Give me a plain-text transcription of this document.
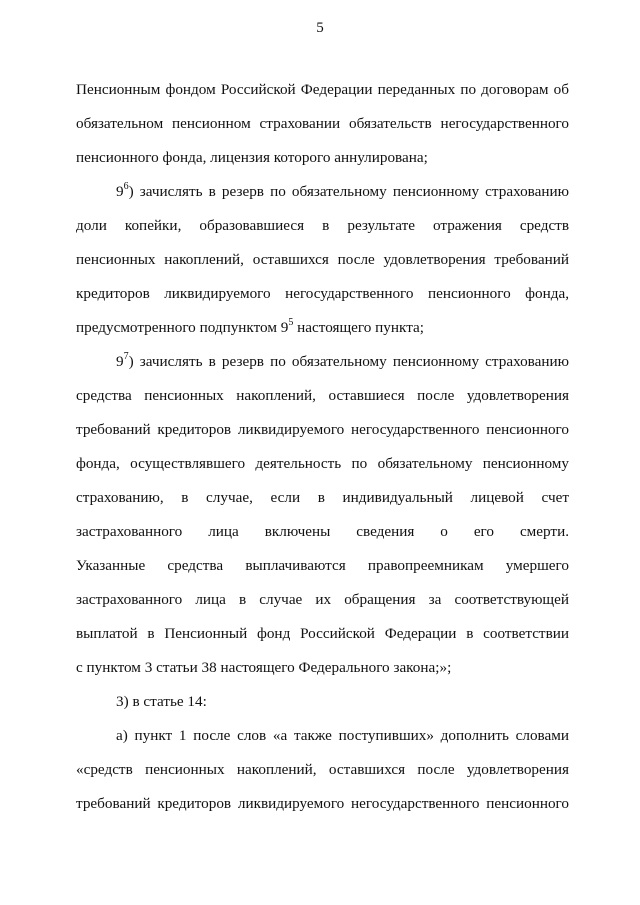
5
Пенсионным фондом Российской Федерации переданных по договорам об
обязательном пенсионном страховании обязательств негосударственного
пенсионного фонда, лицензия которого аннулирована;
$9^6$) зачислять в резерв по обязательному пенсионному страхованию
доли копейки, образовавшиеся в результате отражения средств
пенсионных накоплений, оставшихся после удовлетворения требований
кредиторов ликвидируемого негосударственного пенсионного фонда,
предусмотренного подпунктом $9^5$ настоящего пункта;
$9^7$) зачислять в резерв по обязательному пенсионному страхованию
средства пенсионных накоплений, оставшиеся после удовлетворения
требований кредиторов ликвидируемого негосударственного пенсионного
фонда, осуществлявшего деятельность по обязательному пенсионному
страхованию, в случае, если в индивидуальный лицевой счет
застрахованного лица включены сведения о его смерти.
Указанные средства выплачиваются правопреемникам умершего
застрахованного лица в случае их обращения за соответствующей
выплатой в Пенсионный фонд Российской Федерации в соответствии
с пунктом 3 статьи 38 настоящего Федерального закона;»;
3) в статье 14:
а) пункт 1 после слов «а также поступивших» дополнить словами
«средств пенсионных накоплений, оставшихся после удовлетворения
требований кредиторов ликвидируемого негосударственного пенсионного
